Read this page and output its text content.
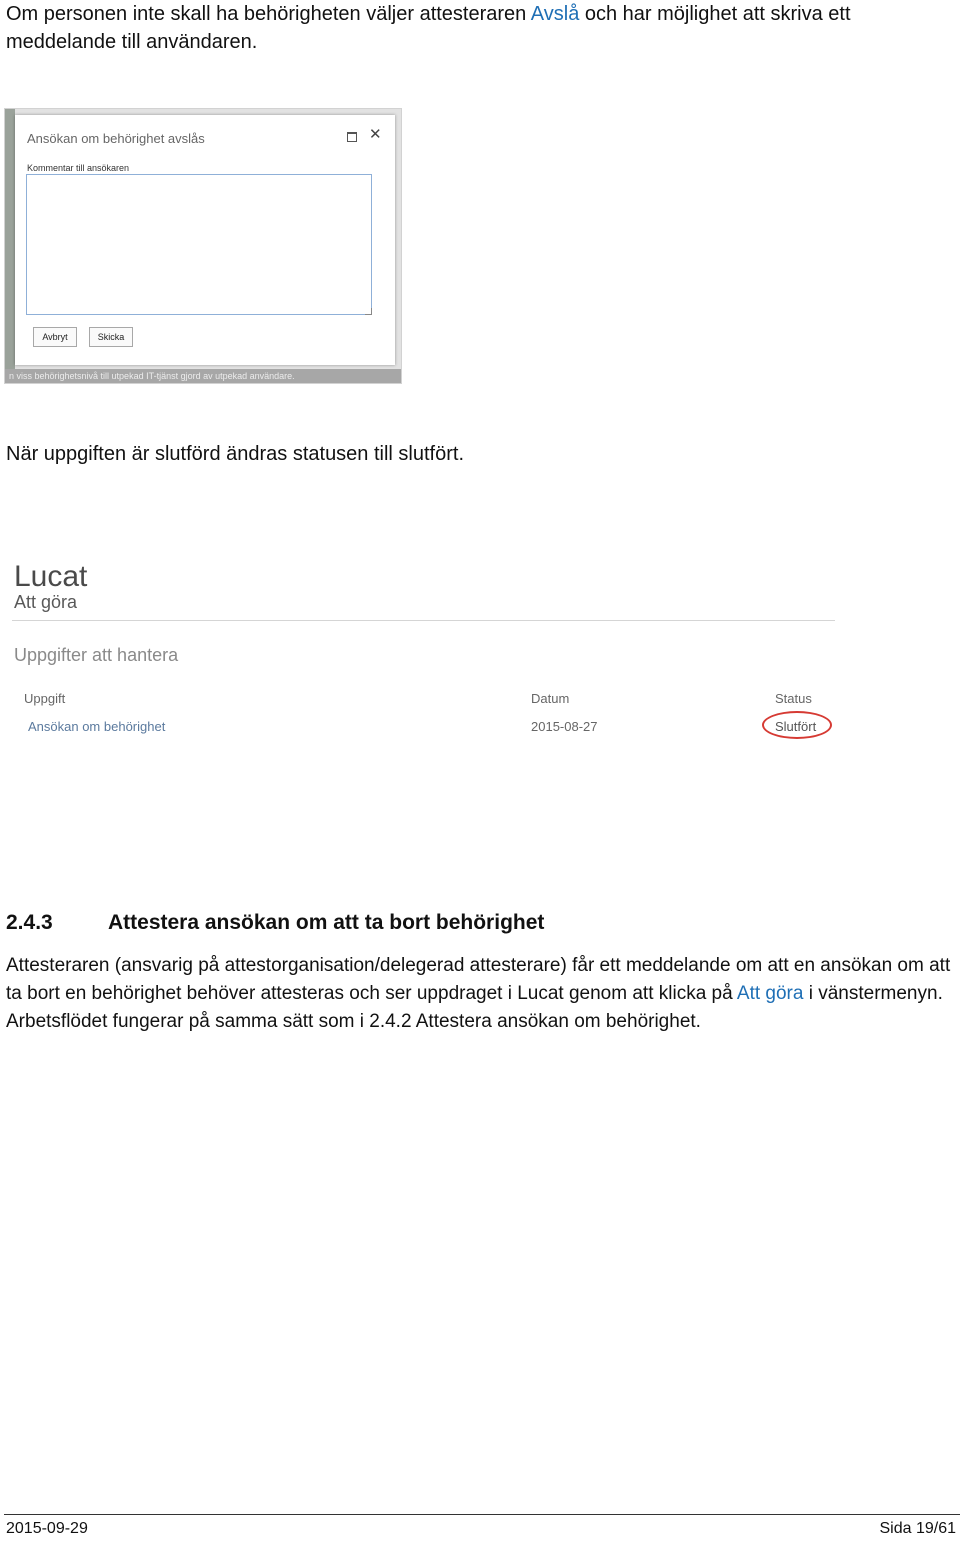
Om personen inte skall ha behörigheten väljer attesteraren Avslå och har möjlighet att skriva ett meddelande till användaren.
n viss behörighetsnivå till utpekad IT-tjänst gjord av utpekad användare.
Ansökan om behörighet avslås	✕
Kommentar till ansökaren
Avbryt	Skicka
När uppgiften är slutförd ändras statusen till slutfört.
Lucat
Att göra
Uppgifter att hantera
Uppgift	Datum	Status
Ansökan om behörighet	2015-08-27	Slutfört
2.4.3	Attestera ansökan om att ta bort behörighet
Attesteraren (ansvarig på attestorganisation/delegerad attesterare) får ett meddelande om att en ansökan om att ta bort en behörighet behöver attesteras och ser uppdraget i Lucat genom att klicka på Att göra i vänstermenyn.
Arbetsflödet fungerar på samma sätt som i 2.4.2 Attestera ansökan om behörighet.
2015-09-29	Sida 19/61
